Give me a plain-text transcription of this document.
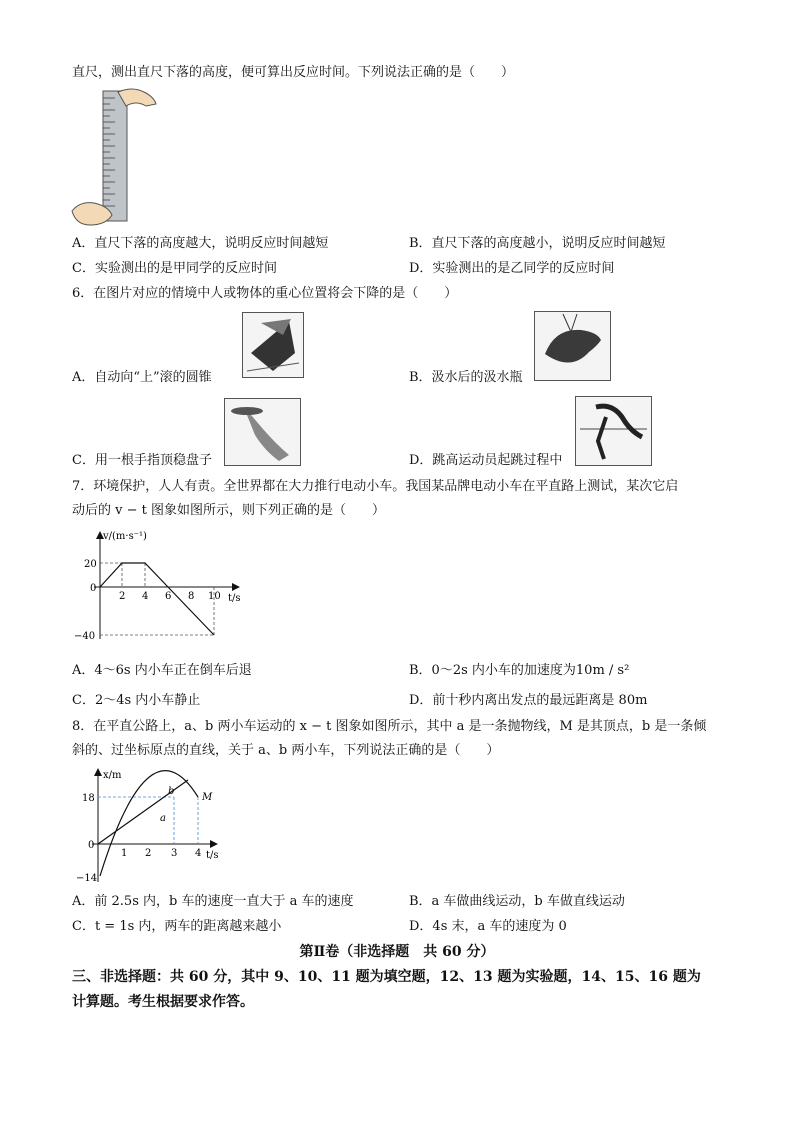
直尺，测出直尺下落的高度，便可算出反应时间。下列说法正确的是（　　）
A．直尺下落的高度越大，说明反应时间越短	B．直尺下落的高度越小，说明反应时间越短
C．实验测出的是甲同学的反应时间	D．实验测出的是乙同学的反应时间
6．在图片对应的情境中人或物体的重心位置将会下降的是（　　）
A．自动向“上”滚的圆锥	B．汲水后的汲水瓶
C．用一根手指顶稳盘子	D．跳高运动员起跳过程中
7．环境保护，人人有责。全世界都在大力推行电动小车。我国某品牌电动小车在平直路上测试，某次它启
动后的 v − t 图象如图所示，则下列正确的是（　　）
v/(m·s⁻¹)
t/s
20
0
−40
2 4 6 8 10
A．4～6s 内小车正在倒车后退	B．0～2s 内小车的加速度为10m / s²
C．2～4s 内小车静止	D．前十秒内离出发点的最远距离是 80m
8．在平直公路上，a、b 两小车运动的 x − t 图象如图所示，其中 a 是一条抛物线，M 是其顶点，b 是一条倾
斜的、过坐标原点的直线，关于 a、b 两小车，下列说法正确的是（　　）
x/m
t/s
18
0
−14
1 2 3 4
a
b
M
A．前 2.5s 内，b 车的速度一直大于 a 车的速度	B．a 车做曲线运动，b 车做直线运动
C．t = 1s 内，两车的距离越来越小	D．4s 末，a 车的速度为 0
第Ⅱ卷（非选择题　共 60 分）
三、非选择题：共 60 分，其中 9、10、11 题为填空题，12、13 题为实验题，14、15、16 题为
计算题。考生根据要求作答。
